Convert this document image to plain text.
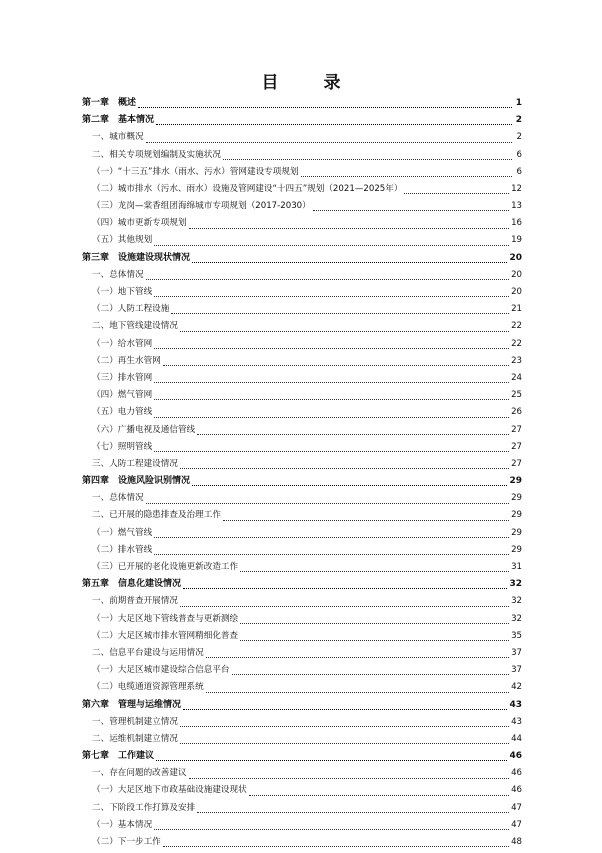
目　录
第一章　概述	1
第二章　基本情况	2
一、城市概况	2
二、相关专项规划编制及实施状况	6
（一）“十三五”排水（雨水、污水）管网建设专项规划	6
（二）城市排水（污水、雨水）设施及管网建设“十四五”规划（2021—2025年）	12
（三）龙岗—棠香组团海绵城市专项规划（2017-2030）	13
（四）城市更新专项规划	16
（五）其他规划	19
第三章　设施建设现状情况	20
一、总体情况	20
（一）地下管线	20
（二）人防工程设施	21
二、地下管线建设情况	22
（一）给水管网	22
（二）再生水管网	23
（三）排水管网	24
（四）燃气管网	25
（五）电力管线	26
（六）广播电视及通信管线	27
（七）照明管线	27
三、人防工程建设情况	27
第四章　设施风险识别情况	29
一、总体情况	29
二、已开展的隐患排查及治理工作	29
（一）燃气管线	29
（二）排水管线	29
（三）已开展的老化设施更新改造工作	31
第五章　信息化建设情况	32
一、前期普查开展情况	32
（一）大足区地下管线普查与更新测绘	32
（二）大足区城市排水管网精细化普查	35
二、信息平台建设与运用情况	37
（一）大足区城市建设综合信息平台	37
（二）电缆通道资源管理系统	42
第六章　管理与运维情况	43
一、管理机制建立情况	43
二、运维机制建立情况	44
第七章　工作建议	46
一、存在问题的改善建议	46
（一）大足区地下市政基础设施建设现状	46
二、下阶段工作打算及安排	47
（一）基本情况	47
（二）下一步工作	48
